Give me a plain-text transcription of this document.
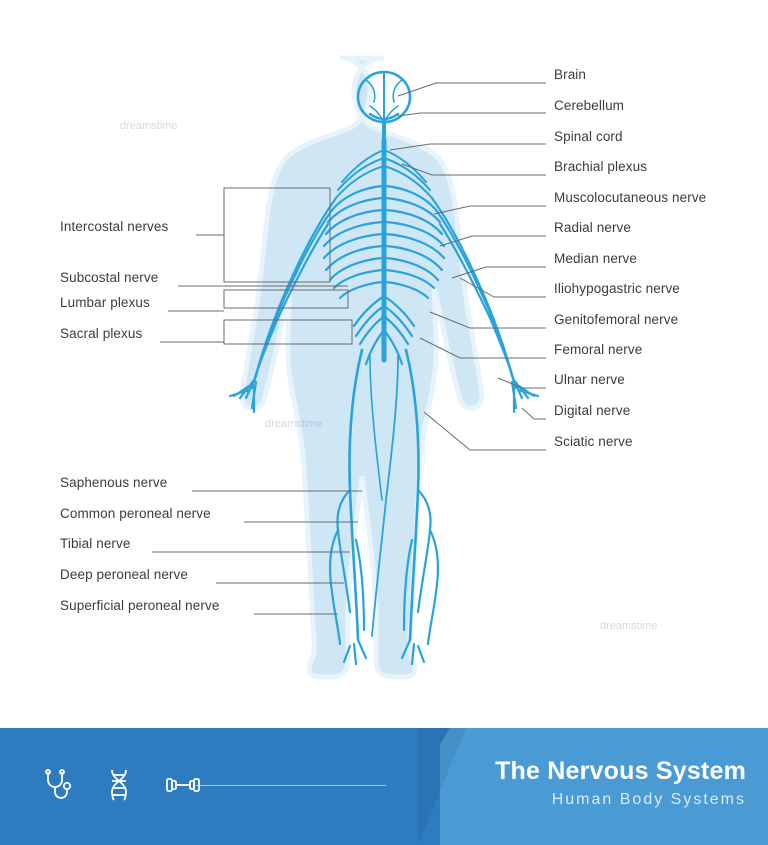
dreamstime
dreamstime
dreamstime
Brain
Cerebellum
Spinal cord
Brachial plexus
Muscolocutaneous nerve
Radial nerve
Median nerve
Iliohypogastric nerve
Genitofemoral nerve
Femoral nerve
Ulnar nerve
Digital nerve
Sciatic nerve
Intercostal nerves
Subcostal nerve
Lumbar plexus
Sacral plexus
Saphenous nerve
Common peroneal nerve
Tibial nerve
Deep peroneal nerve
Superficial peroneal nerve
The Nervous System
Human Body Systems
